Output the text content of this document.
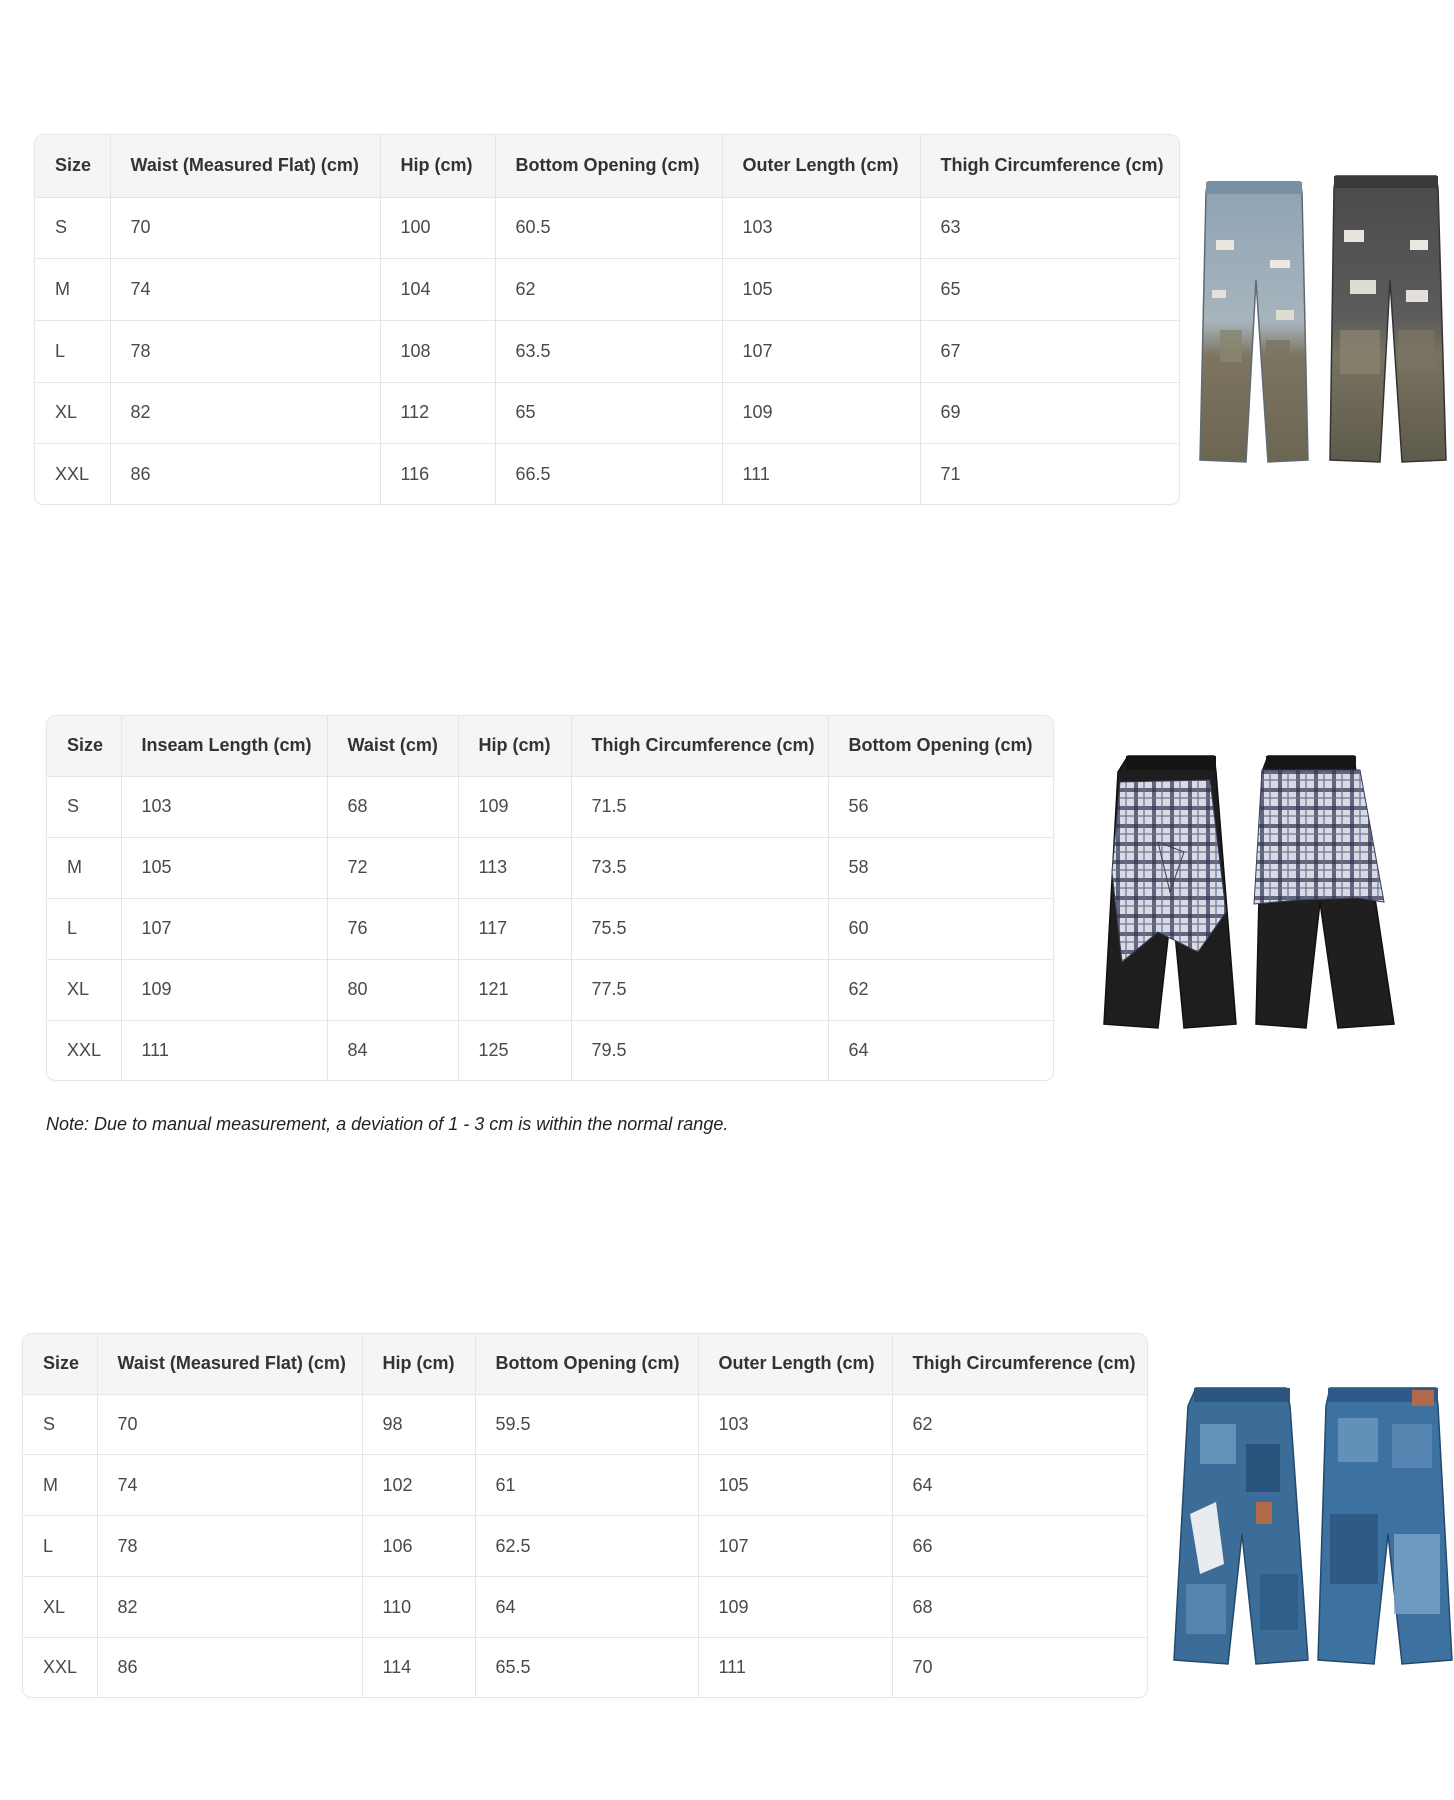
Size	Waist (Measured Flat) (cm)	Hip (cm)	Bottom Opening (cm)	Outer Length (cm)	Thigh Circumference (cm)
S	70	100	60.5	103	63
M	74	104	62	105	65
L	78	108	63.5	107	67
XL	82	112	65	109	69
XXL	86	116	66.5	111	71
Size	Inseam Length (cm)	Waist (cm)	Hip (cm)	Thigh Circumference (cm)	Bottom Opening (cm)
S	103	68	109	71.5	56
M	105	72	113	73.5	58
L	107	76	117	75.5	60
XL	109	80	121	77.5	62
XXL	111	84	125	79.5	64
Note: Due to manual measurement, a deviation of 1 - 3 cm is within the normal range.
Size	Waist (Measured Flat) (cm)	Hip (cm)	Bottom Opening (cm)	Outer Length (cm)	Thigh Circumference (cm)
S	70	98	59.5	103	62
M	74	102	61	105	64
L	78	106	62.5	107	66
XL	82	110	64	109	68
XXL	86	114	65.5	111	70
